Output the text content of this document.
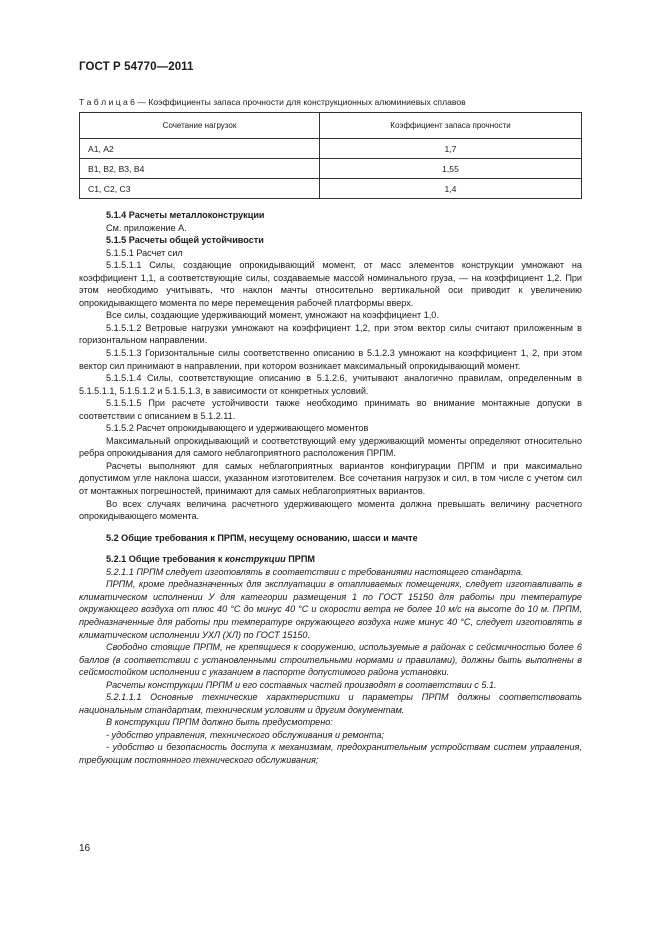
ГОСТ Р 54770—2011
Т а б л и ц а 6 — Коэффициенты запаса прочности для конструкционных алюминиевых сплавов
Сочетание нагрузок	Коэффициент запаса прочности
А1, А2	1,7
В1, В2, В3, В4	1,55
С1, С2, С3	1,4

5.1.4 Расчеты металлоконструкции

См. приложение А.

5.1.5 Расчеты общей устойчивости

5.1.5.1 Расчет сил

5.1.5.1.1 Силы, создающие опрокидывающий момент, от масс элементов конструкции умножают на коэффициент 1,1, а соответствующие силы, создаваемые массой номинального груза, — на коэффициент 1,2. При этом необходимо учитывать, что наклон мачты относительно вертикальной оси приводит к увеличению опрокидывающего момента по мере перемещения рабочей платформы вверх.

Все силы, создающие удерживающий момент, умножают на коэффициент 1,0.

5.1.5.1.2 Ветровые нагрузки умножают на коэффициент 1,2, при этом вектор силы считают приложенным в горизонтальном направлении.

5.1.5.1.3 Горизонтальные силы соответственно описанию в 5.1.2.3 умножают на коэффициент 1, 2, при этом вектор сил принимают в направлении, при котором возникает максимальный опрокидывающий момент.

5.1.5.1.4 Силы, соответствующие описанию в 5.1.2.6, учитывают аналогично правилам, определенным в 5.1.5.1.1, 5.1.5.1.2 и 5.1.5.1.3, в зависимости от конкретных условий.

5.1.5.1.5 При расчете устойчивости также необходимо принимать во внимание монтажные допуски в соответствии с описанием в 5.1.2.11.

5.1.5.2 Расчет опрокидывающего и удерживающего моментов

Максимальный опрокидывающий и соответствующий ему удерживающий моменты определяют относительно ребра опрокидывания для самого неблагоприятного расположения ПРПМ.

Расчеты выполняют для самых неблагоприятных вариантов конфигурации ПРПМ и при максимально допустимом угле наклона шасси, указанном изготовителем. Все сочетания нагрузок и сил, в том числе с учетом сил от монтажных погрешностей, принимают для самых неблагоприятных вариантов.

Во всех случаях величина расчетного удерживающего момента должна превышать величину расчетного опрокидывающего момента.

5.2 Общие требования к ПРПМ, несущему основанию, шасси и мачте

5.2.1 Общие требования к конструкции ПРПМ

5.2.1.1 ПРПМ следует изготовлять в соответствии с требованиями настоящего стандарта.

ПРПМ, кроме предназначенных для эксплуатации в отапливаемых помещениях, следует изготавливать в климатическом исполнении У для категории размещения 1 по ГОСТ 15150 для работы при температуре окружающего воздуха от плюс 40 °С до минус 40 °С и скорости ветра не более 10 м/с на высоте до 10 м. ПРПМ, предназначенные для работы при температуре окружающего воздуха ниже минус 40 °С, следует изготовлять в климатическом исполнении УХЛ (ХЛ) по ГОСТ 15150.

Свободно стоящие ПРПМ, не крепящиеся к сооружению, используемые в районах с сейсмичностью более 6 баллов (в соответствии с установленными строительными нормами и правилами), должны быть выполнены в сейсмостойком исполнении с указанием в паспорте допустимого района установки.

Расчеты конструкции ПРПМ и его составных частей производят в соответствии с 5.1.

5.2.1.1.1 Основные технические характеристики и параметры ПРПМ должны соответствовать национальным стандартам, техническим условиям и другим документам.

В конструкции ПРПМ должно быть предусмотрено:

- удобство управления, технического обслуживания и ремонта;

- удобство и безопасность доступа к механизмам, предохранительным устройствам систем управления, требующим постоянного технического обслуживания;

16
